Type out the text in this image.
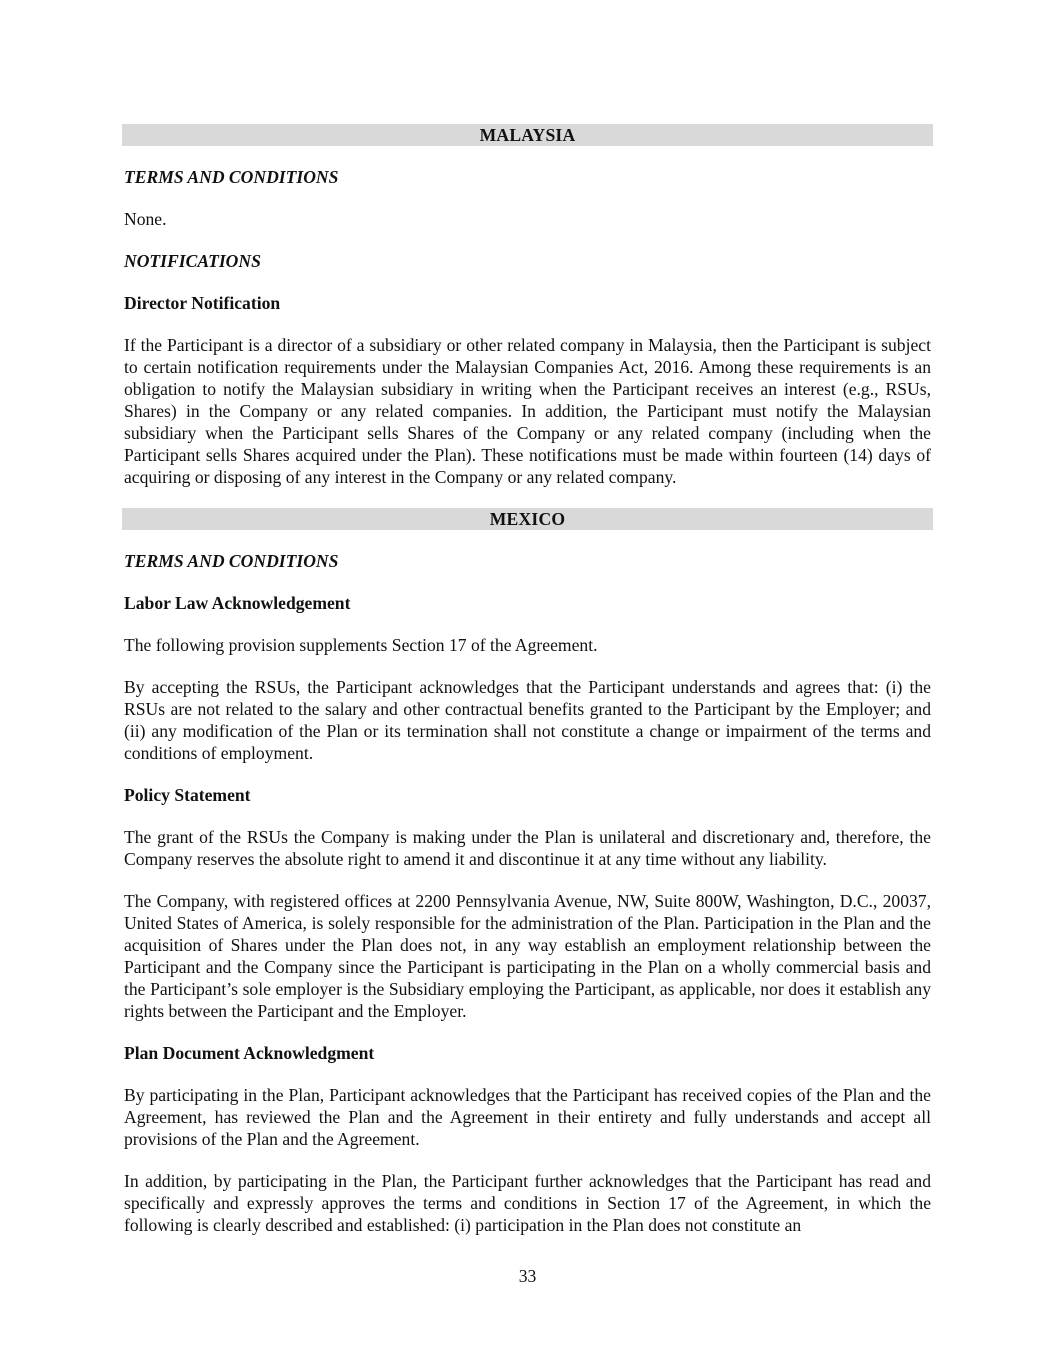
MALAYSIA
TERMS AND CONDITIONS

None.

NOTIFICATIONS
Director Notification

If the Participant is a director of a subsidiary or other related company in Malaysia, then the Participant is subject to certain notification requirements under the Malaysian Companies Act, 2016. Among these requirements is an obligation to notify the Malaysian subsidiary in writing when the Participant receives an interest (e.g., RSUs, Shares) in the Company or any related companies. In addition, the Participant must notify the Malaysian subsidiary when the Participant sells Shares of the Company or any related company (including when the Participant sells Shares acquired under the Plan). These notifications must be made within fourteen (14) days of acquiring or disposing of any interest in the Company or any related company.

MEXICO
TERMS AND CONDITIONS
Labor Law Acknowledgement

The following provision supplements Section 17 of the Agreement.

By accepting the RSUs, the Participant acknowledges that the Participant understands and agrees that: (i) the RSUs are not related to the salary and other contractual benefits granted to the Participant by the Employer; and (ii) any modification of the Plan or its termination shall not constitute a change or impairment of the terms and conditions of employment.

Policy Statement

The grant of the RSUs the Company is making under the Plan is unilateral and discretionary and, therefore, the Company reserves the absolute right to amend it and discontinue it at any time without any liability.

The Company, with registered offices at 2200 Pennsylvania Avenue, NW, Suite 800W, Washington, D.C., 20037, United States of America, is solely responsible for the administration of the Plan. Participation in the Plan and the acquisition of Shares under the Plan does not, in any way establish an employment relationship between the Participant and the Company since the Participant is participating in the Plan on a wholly commercial basis and the Participant’s sole employer is the Subsidiary employing the Participant, as applicable, nor does it establish any rights between the Participant and the Employer.

Plan Document Acknowledgment

By participating in the Plan, Participant acknowledges that the Participant has received copies of the Plan and the Agreement, has reviewed the Plan and the Agreement in their entirety and fully understands and accept all provisions of the Plan and the Agreement.

In addition, by participating in the Plan, the Participant further acknowledges that the Participant has read and specifically and expressly approves the terms and conditions in Section 17 of the Agreement, in which the following is clearly described and established: (i) participation in the Plan does not constitute an

33
